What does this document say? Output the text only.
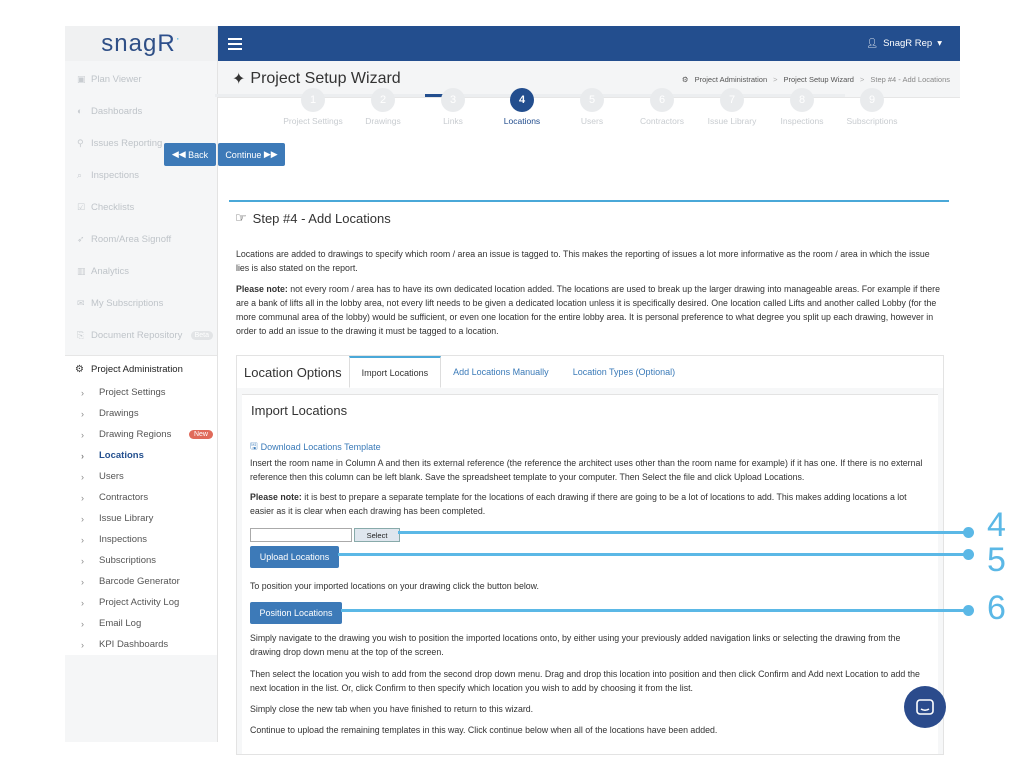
snag R·
▣ Plan Viewer
◐ Dashboards
⚲ Issues Reporting
⌕ Inspections
☑ Checklists
➶ Room/Area Signoff
▥ Analytics
✉ My Subscriptions
⎘ Document Repository	Beta
⚙ Project Administration
›	Project Settings
›	Drawings
›	Drawing Regions	New
›	Locations
›	Users
›	Contractors
›	Issue Library
›	Inspections
›	Subscriptions
›	Barcode Generator
›	Project Activity Log
›	Email Log
›	KPI Dashboards
👤︎ SnagR Rep ▾
✦ Project Setup Wizard	⚙ Project Administration > Project Setup Wizard > Step #4 - Add Locations
1
Project Settings
2
Drawings
3
Links
4
Locations
5
Users
6
Contractors
7
Issue Library
8
Inspections
9
Subscriptions
◀◀ Back Continue ▶▶
☞ Step #4 - Add Locations
Locations are added to drawings to specify which room / area an issue is tagged to. This makes the reporting of issues a lot more informative as the room / area in which the issue lies is also stated on the report.
Please note: not every room / area has to have its own dedicated location added. The locations are used to break up the larger drawing into manageable areas. For example if there are a bank of lifts all in the lobby area, not every lift needs to be given a dedicated location unless it is specifically desired. One location called Lifts and another called Lobby (for the more communal area of the lobby) would be sufficient, or even one location for the entire lobby area. It is personal preference to what degree you split up each drawing, however in order to add an issue to the drawing it must be tagged to a location.
Location Options	Import Locations	Add Locations Manually	Location Types (Optional)
Import Locations
🖫 Download Locations Template
Insert the room name in Column A and then its external reference (the reference the architect uses other than the room name for example) if it has one. If there is no external reference then this column can be left blank. Save the spreadsheet template to your computer. Then Select the file and click Upload Locations.
Please note: it is best to prepare a separate template for the locations of each drawing if there are going to be a lot of locations to add. This makes adding locations a lot easier as it is clear when each drawing has been completed.
Select
Upload Locations
To position your imported locations on your drawing click the button below.
Position Locations
Simply navigate to the drawing you wish to position the imported locations onto, by either using your previously added navigation links or selecting the drawing from the drawing drop down menu at the top of the screen.
Then select the location you wish to add from the second drop down menu. Drag and drop this location into position and then click Confirm and Add next Location to add the next location in the list. Or, click Confirm to then specify which location you wish to add by choosing it from the list.
Simply close the new tab when you have finished to return to this wizard.
Continue to upload the remaining templates in this way. Click continue below when all of the locations have been added.
4
5
6
